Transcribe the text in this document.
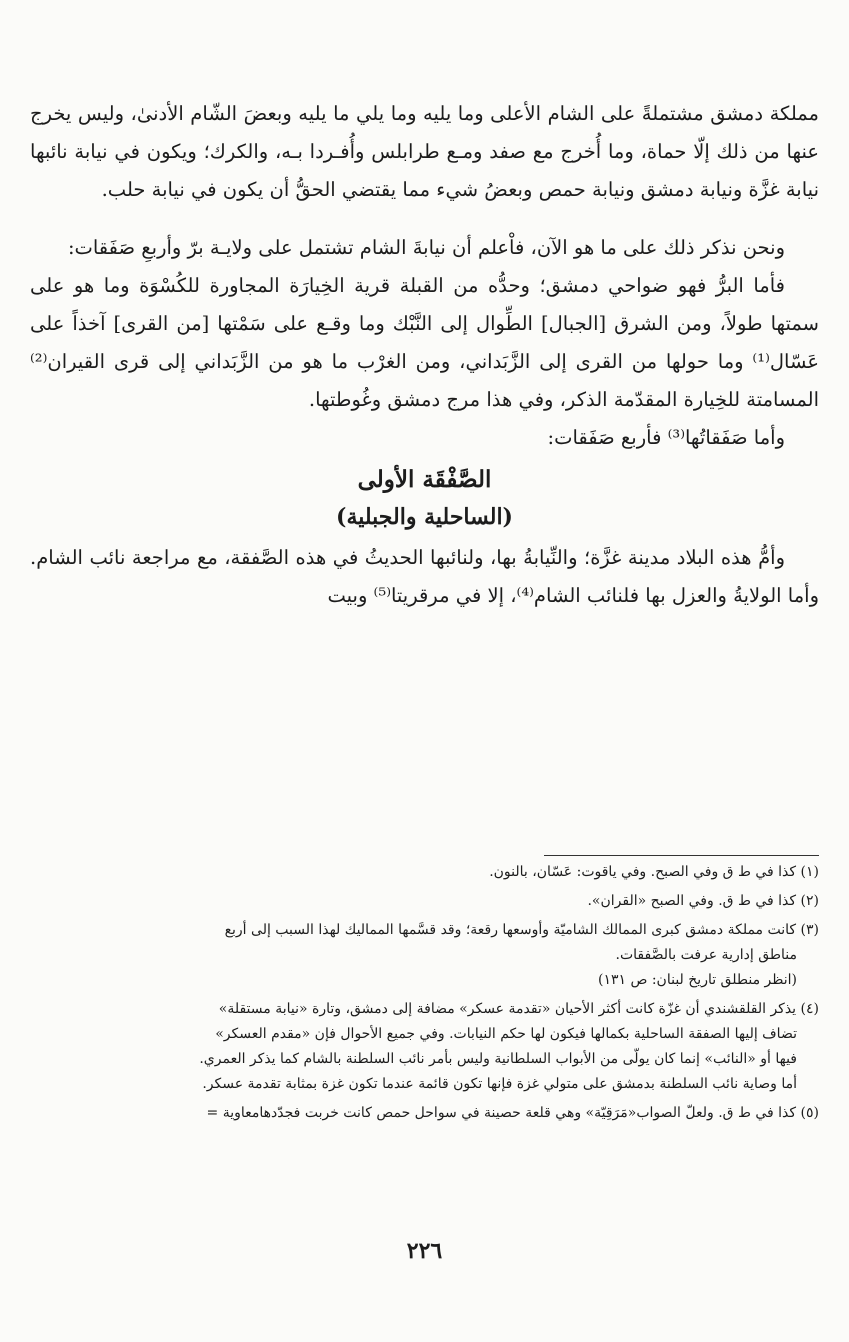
مملكة دمشق مشتملةً على الشام الأعلى وما يليه وما يلي ما يليه وبعضَ الشّام الأدنىٰ، وليس يخرج عنها من ذلك إلّا حماة، وما أُخرج مع صفد ومـع طرابلس وأُفـردا بـه، والكرك؛ ويكون في نيابة نائبها نيابة غزَّة ونيابة دمشق ونيابة حمص وبعضُ شيء مما يقتضي الحقُّ أن يكون في نيابة حلب.

ونحن نذكر ذلك على ما هو الآن، فاْعلم أن نيابةَ الشام تشتمل على ولايـة برّ وأربعِ صَفَقات:

فأما البرُّ فهو ضواحي دمشق؛ وحدُّه من القبلة قرية الخِيارَة المجاورة للكُسْوَة وما هو على سمتها طولاً، ومن الشرق [الجبال] الطِّوال إلى النَّبْك وما وقـع على سَمْتها [من القرى] آخذاً على عَسّال⁽¹⁾ وما حولها من القرى إلى الزَّبَداني، ومن الغرْب ما هو من الزَّبَداني إلى قرى القيران⁽²⁾ المسامتة للخِيارة المقدّمة الذكر، وفي هذا مرج دمشق وغُوطتها.

وأما صَفَقاتُها⁽³⁾ فأربع صَفَقات:

الصَّفْقَة الأولى
(الساحلية والجبلية)

وأمُّ هذه البلاد مدينة غزَّة؛ والنِّيابةُ بها، ولنائبها الحديثُ في هذه الصَّفقة، مع مراجعة نائب الشام. وأما الولايةُ والعزل بها فلنائب الشام⁽⁴⁾، إلا في مرقريتا⁽⁵⁾ وبيت

(١) كذا في ط ق وفي الصبح. وفي ياقوت: عَسّان، بالنون.
(٢) كذا في ط ق. وفي الصبح «القران».
(٣) كانت مملكة دمشق كبرى الممالك الشاميّة وأوسعها رقعة؛ وقد قسَّمها المماليك لهذا السبب إلى أربع
مناطق إدارية عرفت بالصَّفقات.
(انظر منطلق تاريخ لبنان: ص ١٣١)
(٤) يذكر القلقشندي أن غزّة كانت أكثر الأحيان «تقدمة عسكر» مضافة إلى دمشق، وتارة «نيابة مستقلة»
تضاف إليها الصفقة الساحلية بكمالها فيكون لها حكم النيابات. وفي جميع الأحوال فإن «مقدم العسكر»
فيها أو «النائب» إنما كان يولّى من الأبواب السلطانية وليس بأمر نائب السلطنة بالشام كما يذكر العمري.
أما وصاية نائب السلطنة بدمشق على متولي غزة فإنها تكون قائمة عندما تكون غزة بمثابة تقدمة عسكر.
(٥) كذا في ط ق. ولعلّ الصواب«مَرَقِيّة» وهي قلعة حصينة في سواحل حمص كانت خربت فجدّدهامعاوية =
٢٢٦
